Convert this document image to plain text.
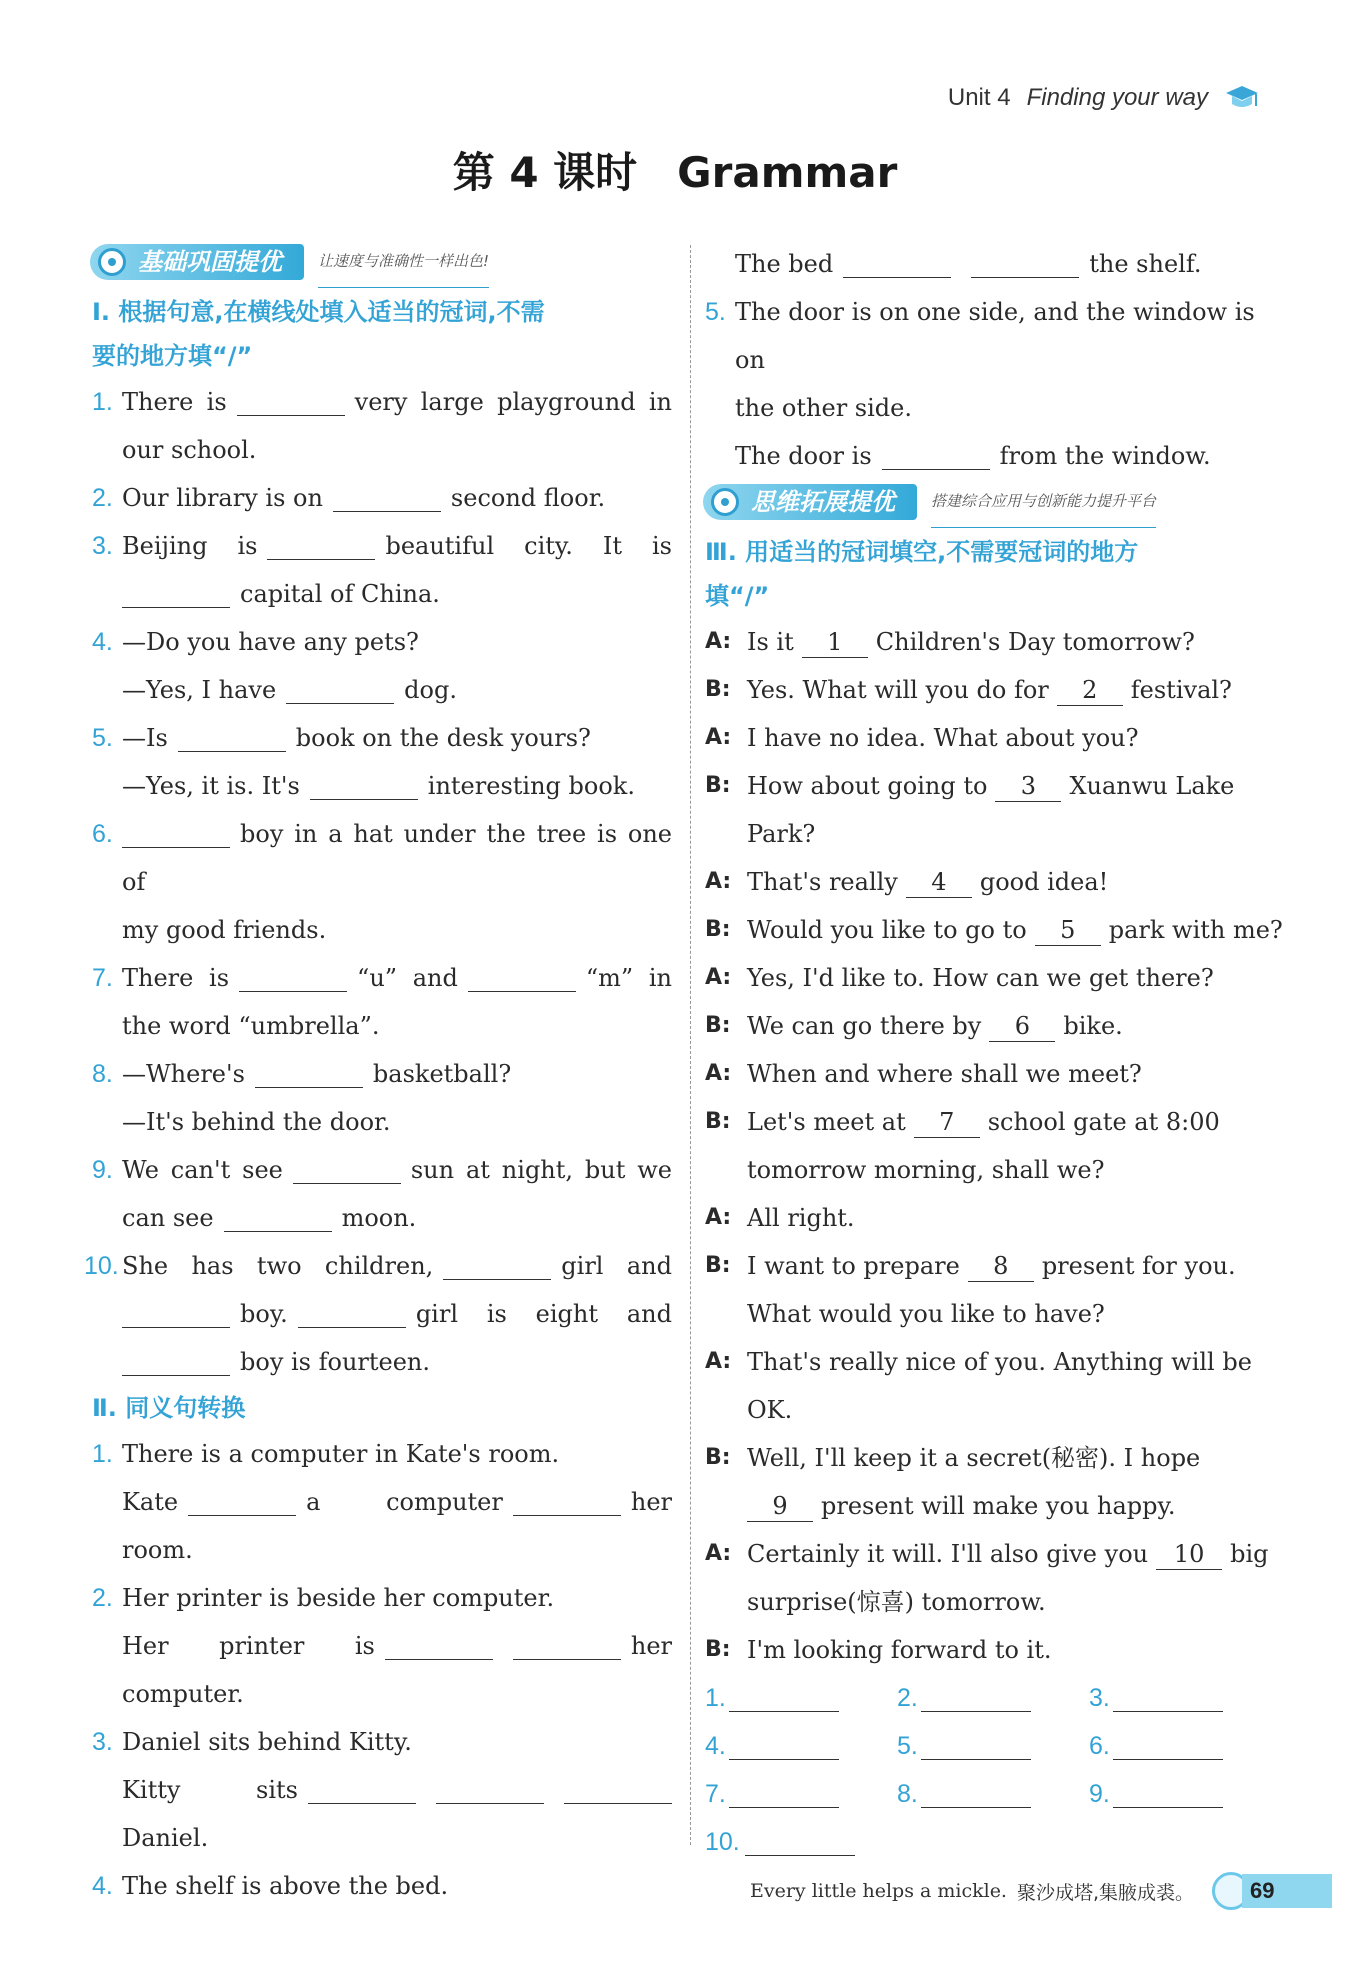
Unit 4 Finding your way
第 4 课时 Grammar
基础巩固提优 让速度与准确性一样出色!

Ⅰ. 根据句意,在横线处填入适当的冠词,不需
要的地方填“/”

1. There is	very large playground in
our school.
2. Our library is on	second floor.
3. Beijing is	beautiful city. It is
capital of China.
4. —Do you have any pets?
—Yes, I have	dog.
5. —Is	book on the desk yours?
—Yes, it is. It's	interesting book.
6.	boy in a hat under the tree is one of
my good friends.
7. There is	“u” and	“m” in
the word “umbrella”.
8. —Where's	basketball?
—It's behind the door.
9. We can't see	sun at night, but we
can see	moon.
10. She has two children,	girl and
boy.	girl is eight and
boy is fourteen.

Ⅱ. 同义句转换

1. There is a computer in Kate's room.
Kate	a computer	her
room.
2. Her printer is beside her computer.
Her printer is	her
computer.
3. Daniel sits behind Kitty.
Kitty sits
Daniel.
4. The shelf is above the bed.
The bed	the shelf.
5. The door is on one side, and the window is on
the other side.
The door is	from the window.
思维拓展提优 搭建综合应用与创新能力提升平台

Ⅲ. 用适当的冠词填空,不需要冠词的地方
填“/”

A: Is it 1 Children's Day tomorrow?
B: Yes. What will you do for 2 festival?
A: I have no idea. What about you?
B: How about going to 3 Xuanwu Lake
Park?
A: That's really 4 good idea!
B: Would you like to go to 5 park with me?
A: Yes, I'd like to. How can we get there?
B: We can go there by 6 bike.
A: When and where shall we meet?
B: Let's meet at 7 school gate at 8:00
tomorrow morning, shall we?
A: All right.
B: I want to prepare 8 present for you.
What would you like to have?
A: That's really nice of you. Anything will be
OK.
B: Well, I'll keep it a secret(秘密). I hope
9 present will make you happy.
A: Certainly it will. I'll also give you 10 big
surprise(惊喜) tomorrow.
B: I'm looking forward to it.
1.	2.	3.
4.	5.	6.
7.	8.	9.
10.
Every little helps a mickle. 聚沙成塔,集腋成裘。	69
